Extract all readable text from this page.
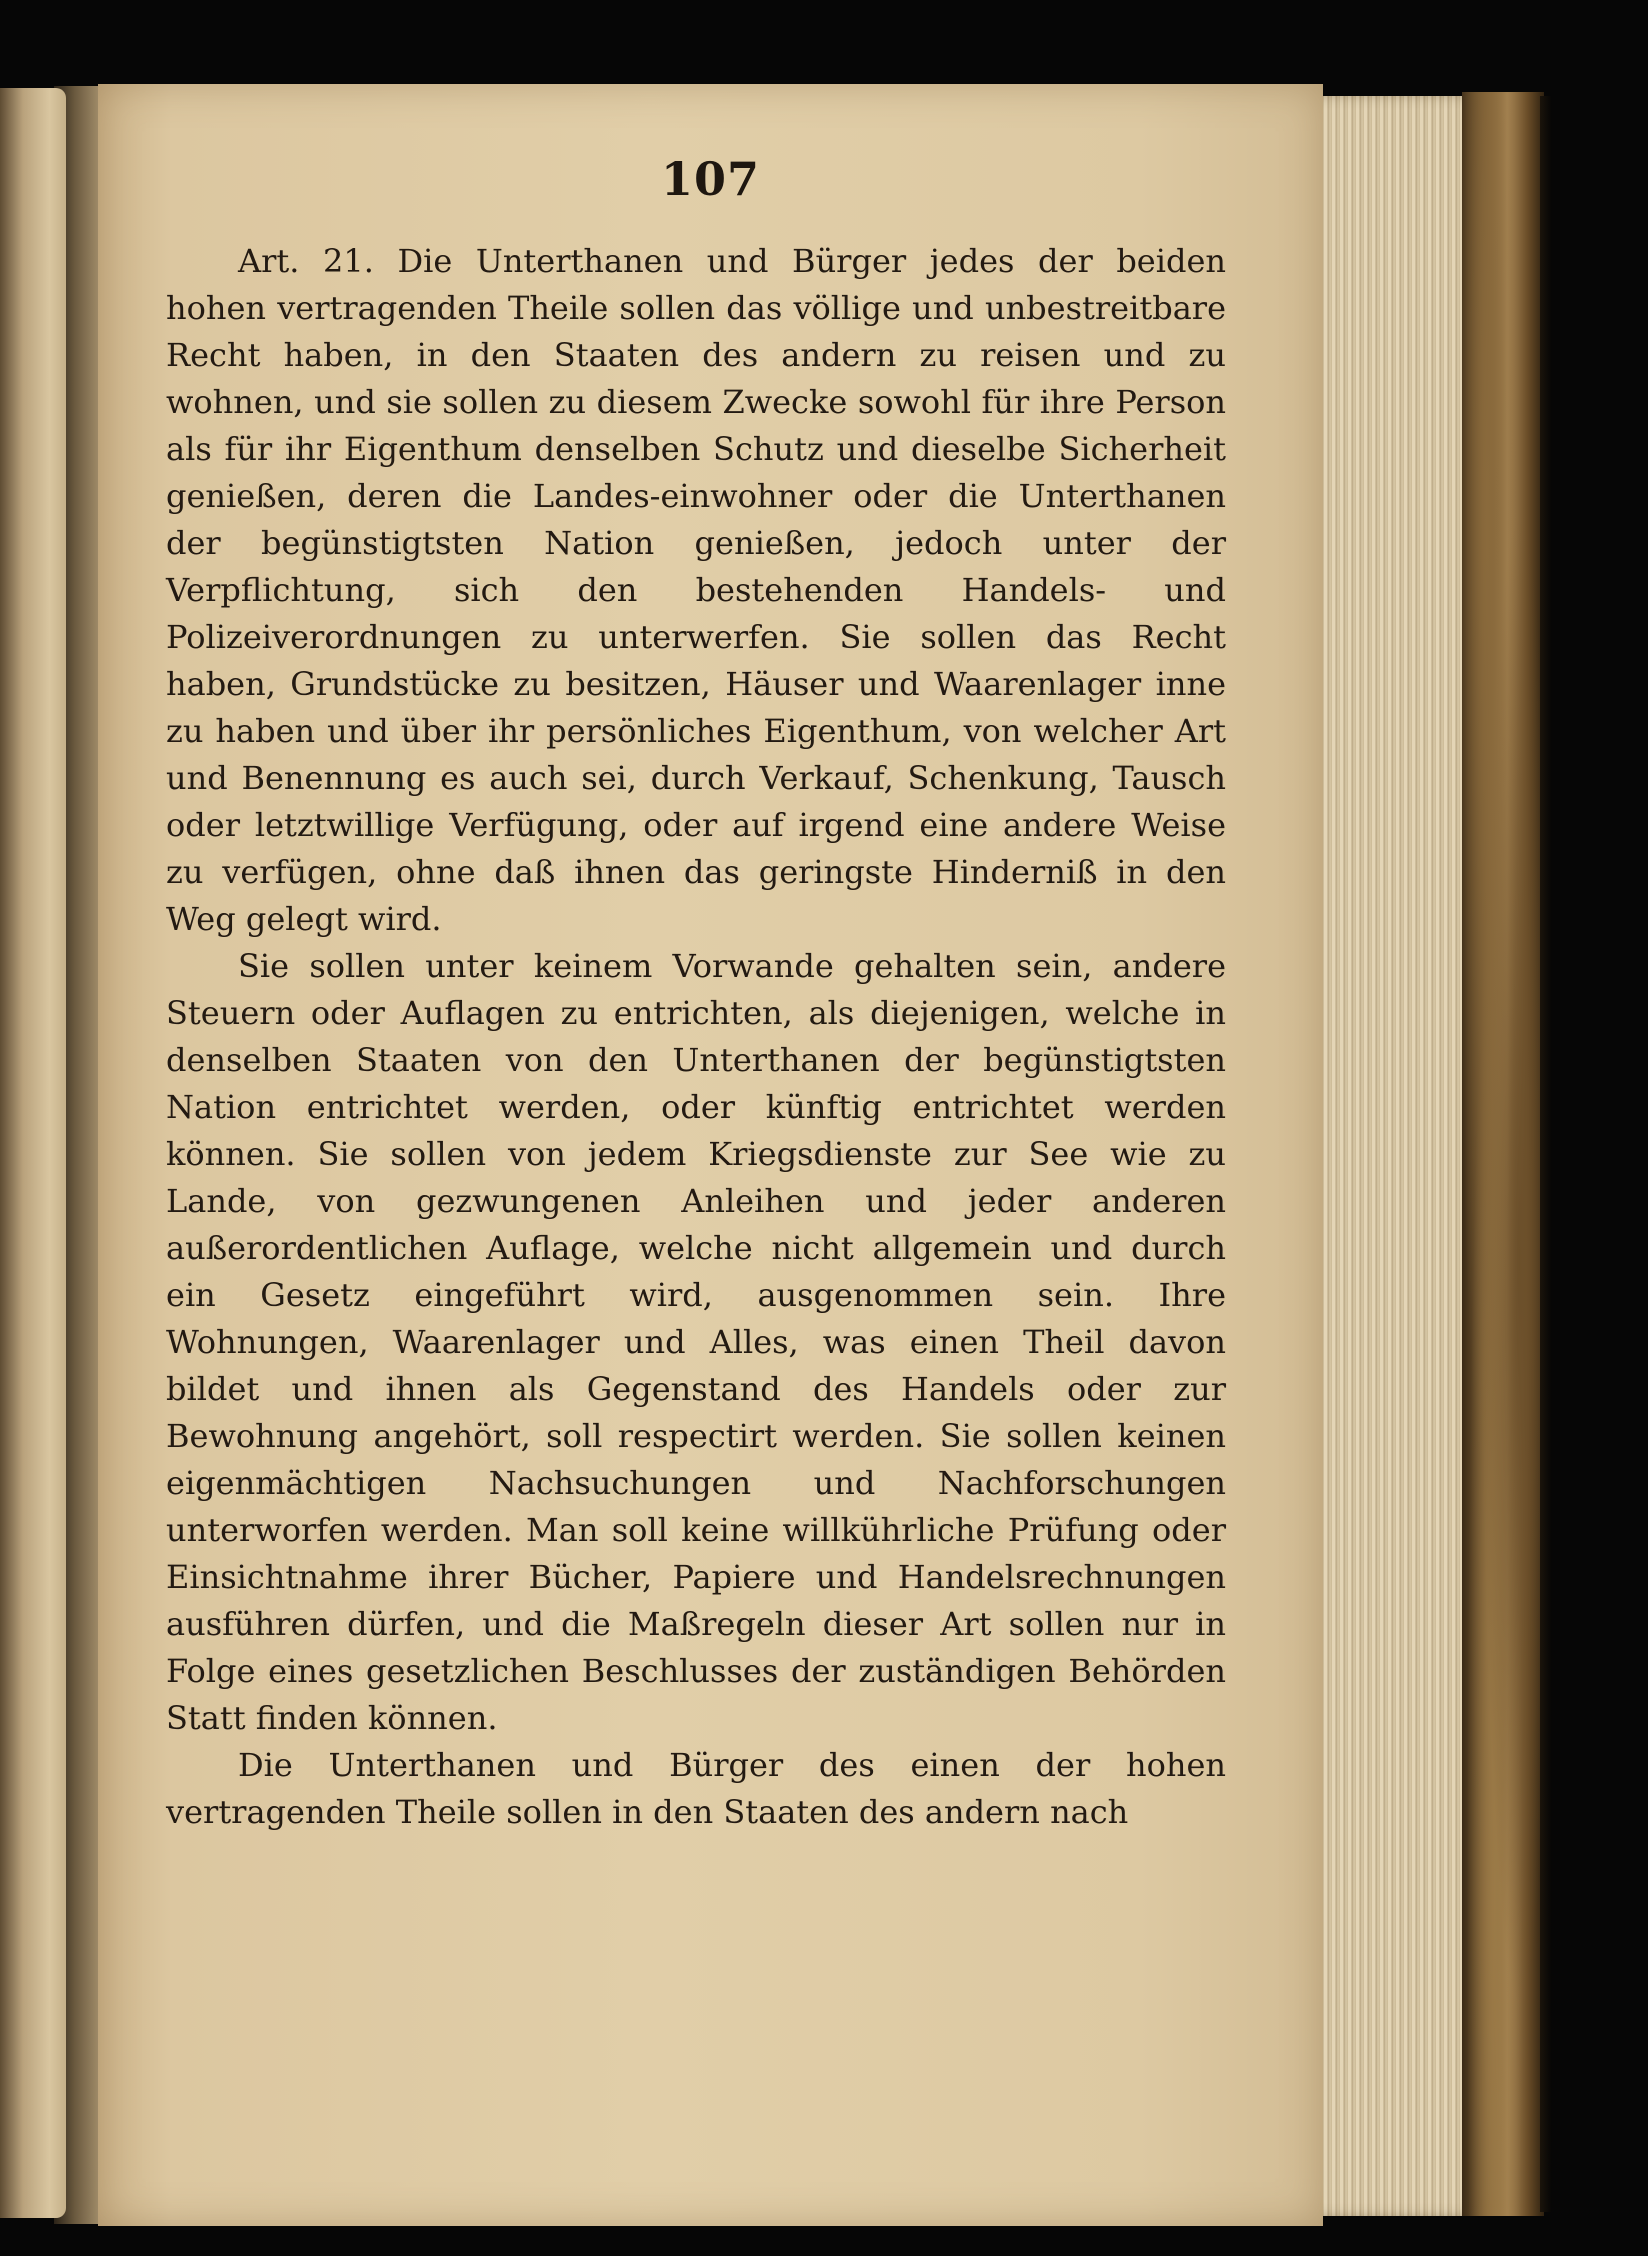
107

Art. 21. Die Unterthanen und Bürger jedes der beiden hohen vertragenden Theile sollen das völlige und unbestreitbare Recht haben, in den Staaten des andern zu reisen und zu wohnen, und sie sollen zu diesem Zwecke sowohl für ihre Person als für ihr Eigenthum denselben Schutz und dieselbe Sicherheit genießen, deren die Landes-einwohner oder die Unterthanen der begünstigtsten Nation genießen, jedoch unter der Verpflichtung, sich den bestehenden Handels- und Polizeiverordnungen zu unterwerfen. Sie sollen das Recht haben, Grundstücke zu besitzen, Häuser und Waarenlager inne zu haben und über ihr persönliches Eigenthum, von welcher Art und Benennung es auch sei, durch Verkauf, Schenkung, Tausch oder letztwillige Verfügung, oder auf irgend eine andere Weise zu verfügen, ohne daß ihnen das geringste Hinderniß in den Weg gelegt wird.

Sie sollen unter keinem Vorwande gehalten sein, andere Steuern oder Auflagen zu entrichten, als diejenigen, welche in denselben Staaten von den Unterthanen der begünstigtsten Nation entrichtet werden, oder künftig entrichtet werden können. Sie sollen von jedem Kriegsdienste zur See wie zu Lande, von gezwungenen Anleihen und jeder anderen außerordentlichen Auflage, welche nicht allgemein und durch ein Gesetz eingeführt wird, ausgenommen sein. Ihre Wohnungen, Waarenlager und Alles, was einen Theil davon bildet und ihnen als Gegenstand des Handels oder zur Bewohnung angehört, soll respectirt werden. Sie sollen keinen eigenmächtigen Nachsuchungen und Nachforschungen unterworfen werden. Man soll keine willkührliche Prüfung oder Einsichtnahme ihrer Bücher, Papiere und Handelsrechnungen ausführen dürfen, und die Maßregeln dieser Art sollen nur in Folge eines gesetzlichen Beschlusses der zuständigen Behörden Statt finden können.

Die Unterthanen und Bürger des einen der hohen vertragenden Theile sollen in den Staaten des andern nach
